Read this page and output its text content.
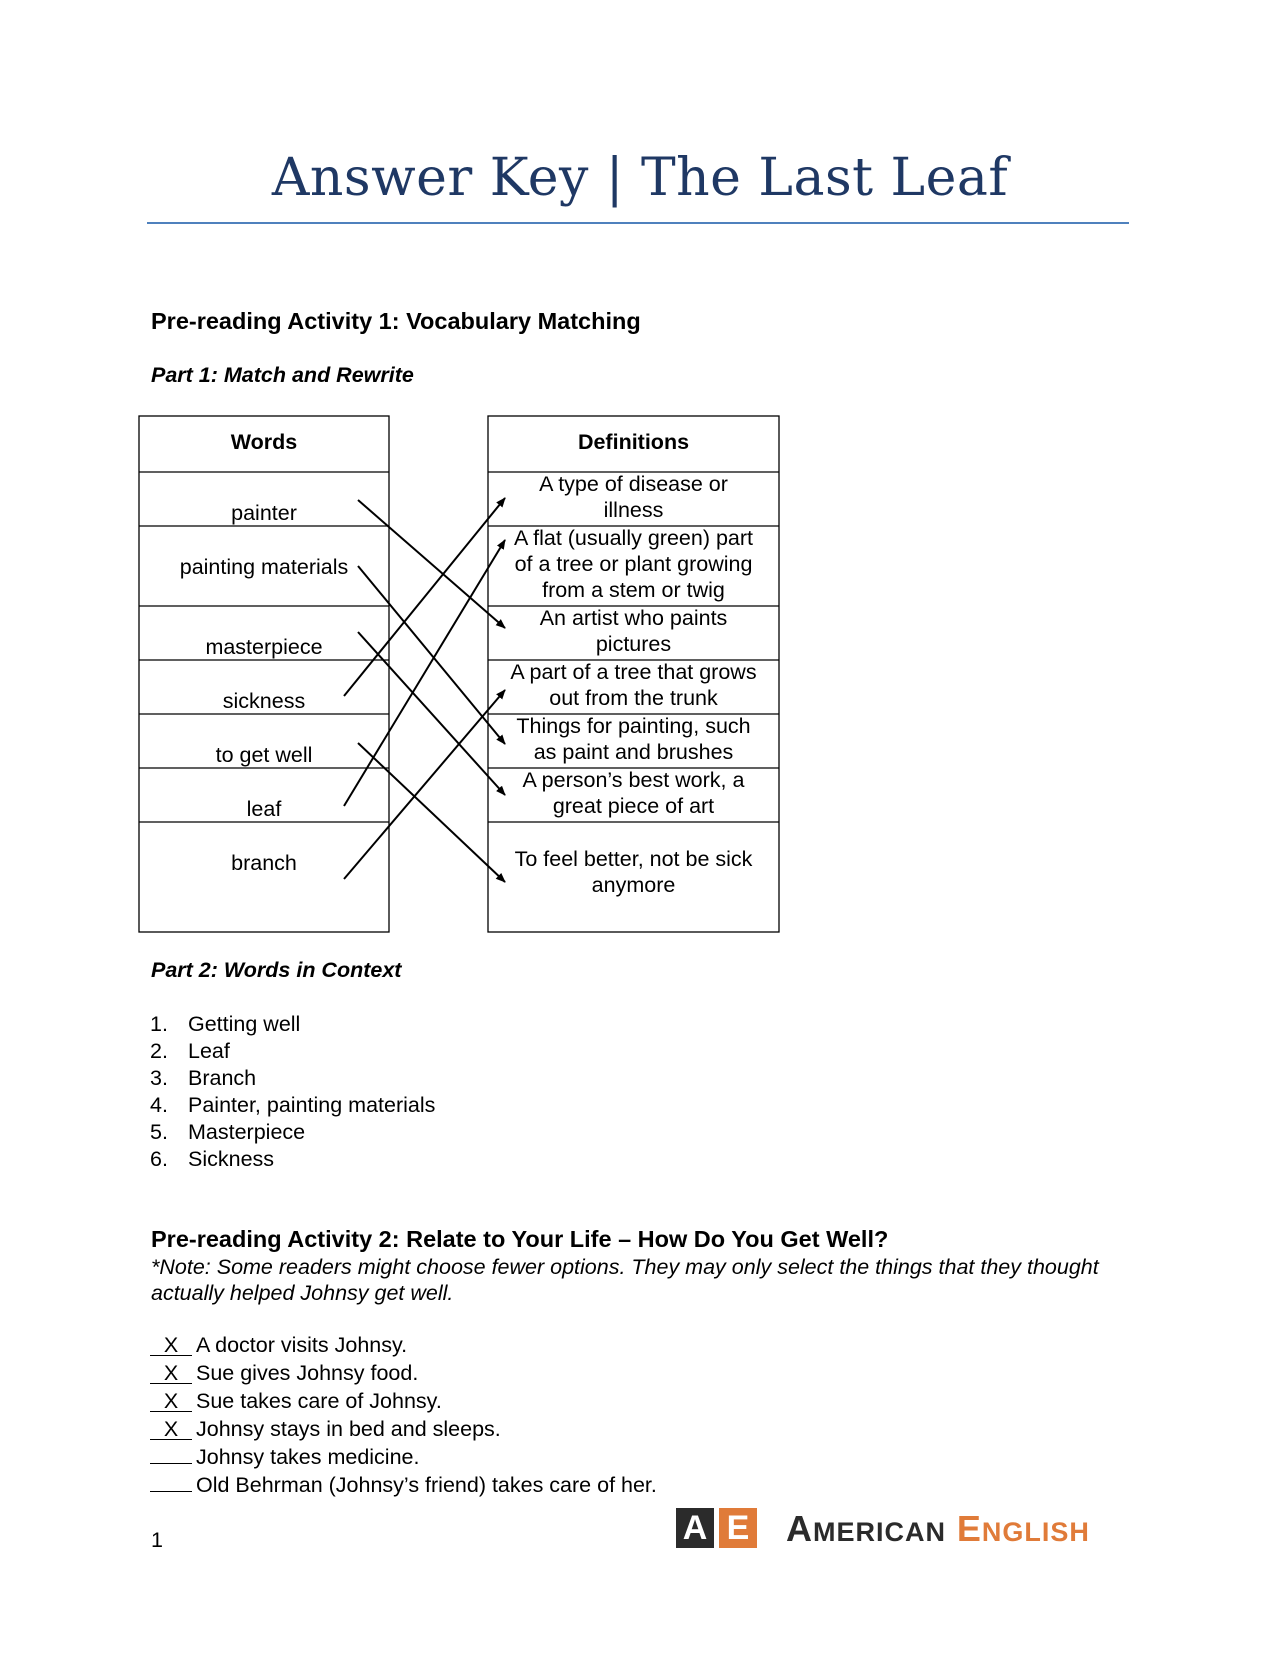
Answer Key | The Last Leaf
Pre-reading Activity 1: Vocabulary Matching
Part 1: Match and Rewrite
Words	Definitions
painter
painting materials
masterpiece
sickness
to get well
leaf
branch
A type of disease or
illness
A flat (usually green) part
of a tree or plant growing
from a stem or twig
An artist who paints
pictures
A part of a tree that grows
out from the trunk
Things for painting, such
as paint and brushes
A person’s best work, a
great piece of art
To feel better, not be sick
anymore
Part 2: Words in Context
1. Getting well
2. Leaf
3. Branch
4. Painter, painting materials
5. Masterpiece
6. Sickness
Pre-reading Activity 2: Relate to Your Life – How Do You Get Well?
*Note: Some readers might choose fewer options. They may only select the things that they thought actually helped Johnsy get well.
X A doctor visits Johnsy.
X Sue gives Johnsy food.
X Sue takes care of Johnsy.
X Johnsy stays in bed and sleeps.
Johnsy takes medicine.
Old Behrman (Johnsy’s friend) takes care of her.
1	A E AMERICAN ENGLISH
